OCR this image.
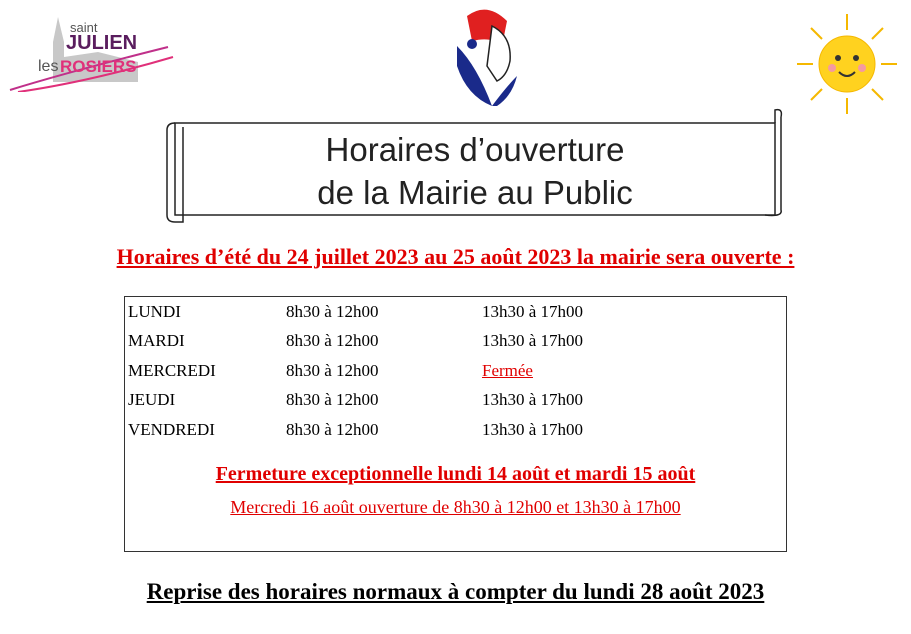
saint
JULIEN
les ROSIERS
Horaires d’ouverture
de la Mairie au Public
Horaires d’été du 24 juillet 2023 au 25 août 2023 la mairie sera ouverte :
LUNDI	8h30 à 12h00	13h30 à 17h00
MARDI	8h30 à 12h00	13h30 à 17h00
MERCREDI	8h30 à 12h00	Fermée
JEUDI	8h30 à 12h00	13h30 à 17h00
VENDREDI	8h30 à 12h00	13h30 à 17h00
Fermeture exceptionnelle lundi 14 août et mardi 15 août
Mercredi 16 août ouverture de 8h30 à 12h00 et 13h30 à 17h00
Reprise des horaires normaux à compter du lundi 28 août 2023
